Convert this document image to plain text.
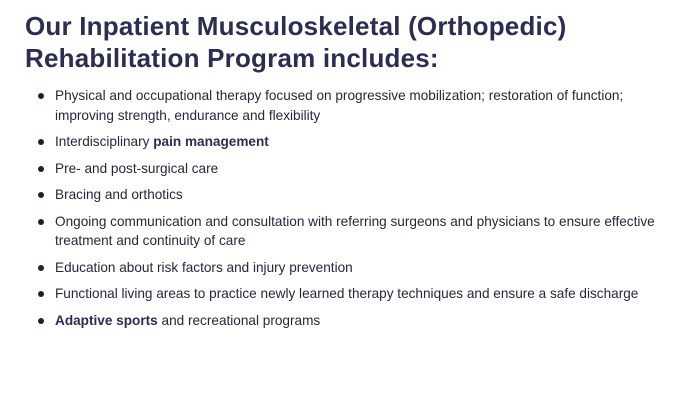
Our Inpatient Musculoskeletal (Orthopedic)
Rehabilitation Program includes:
Physical and occupational therapy focused on progressive mobilization; restoration of function; improving strength, endurance and flexibility
Interdisciplinary pain management
Pre- and post-surgical care
Bracing and orthotics
Ongoing communication and consultation with referring surgeons and physicians to ensure effective treatment and continuity of care
Education about risk factors and injury prevention
Functional living areas to practice newly learned therapy techniques and ensure a safe discharge
Adaptive sports and recreational programs
